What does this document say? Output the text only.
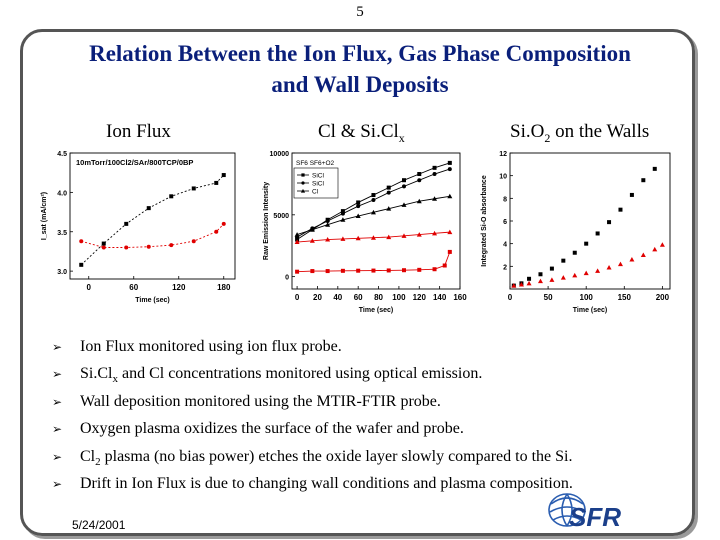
5
Relation Between the Ion Flux, Gas Phase Composition
and Wall Deposits
Ion Flux	Cl & $Si.Cl_x$	$Si.O_2$ on the Walls
0	60	120	180
3.0
3.5
4.0
4.5
Time (sec)
I_sat (mA/cm²)
10mTorr/100Cl2/SAr/800TCP/0BP
0 20 40 60 80 100 120 140 160
0
5000
10000
Time (sec)
Raw Emission Intensity
SF6 SF6+O2
SiCl
SiCl
Cl
0	50	100	150	200
2
4
6
8
10
12
Time (sec)
Integrated Si-O absorbance
➢ Ion Flux monitored using ion flux probe.
➢ $Si.Cl_x$ and Cl concentrations monitored using optical emission.
➢ Wall deposition monitored using the MTIR-FTIR probe.
➢ Oxygen plasma oxidizes the surface of the wafer and probe.
➢ $Cl_2$ plasma (no bias power) etches the oxide layer slowly compared to the Si.
➢ Drift in Ion Flux is due to changing wall conditions and plasma composition.
5/24/2001	SFR
